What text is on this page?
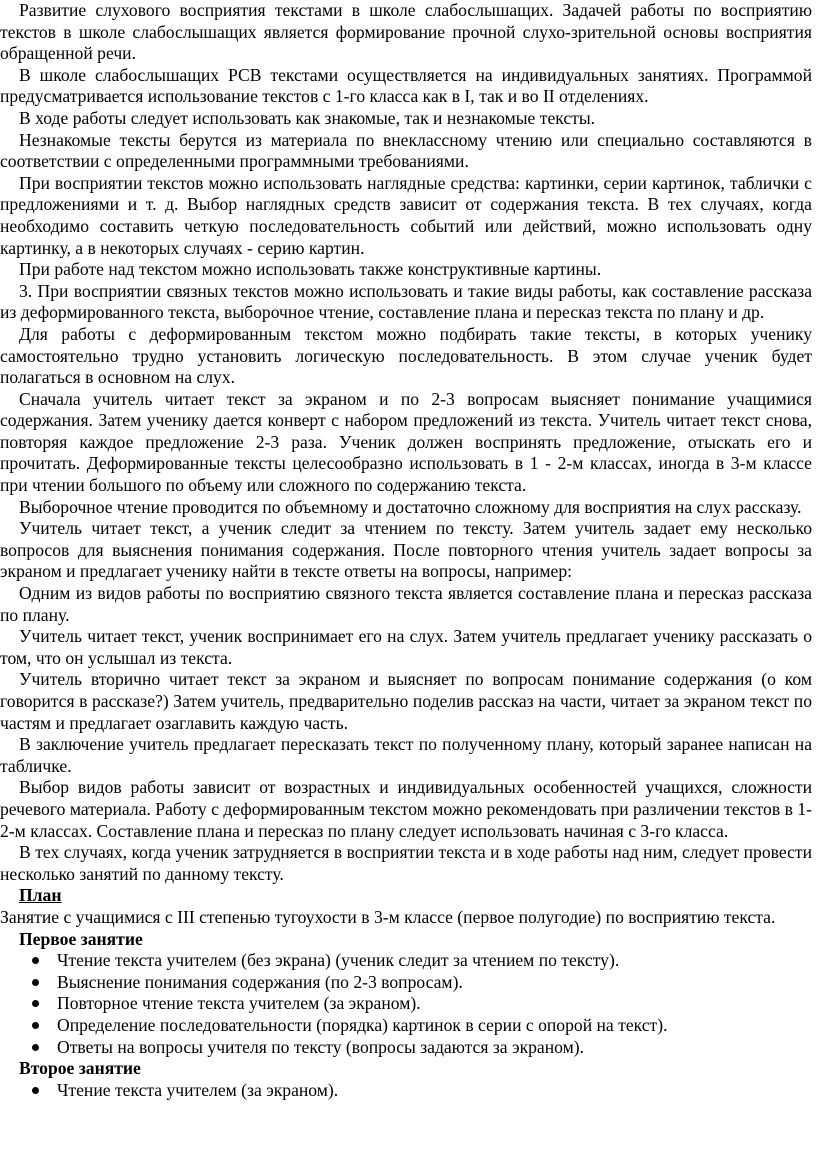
Развитие слухового восприятия текстами в школе слабослышащих. Задачей работы по восприятию текстов в школе слабослышащих является формирование прочной слухо-зрительной основы восприятия обращенной речи.

В школе слабослышащих РСВ текстами осуществляется на индивидуальных занятиях. Программой предусматривается использование текстов с 1-го класса как в I, так и во II отделениях.

В ходе работы следует использовать как знакомые, так и незнакомые тексты.

Незнакомые тексты берутся из материала по внеклассному чтению или специально составляются в соответствии с определенными программными требованиями.

При восприятии текстов можно использовать наглядные средства: картинки, серии картинок, таблички с предложениями и т. д. Выбор наглядных средств зависит от содержания текста. В тех случаях, когда необходимо составить четкую последовательность событий или действий, можно использовать одну картинку, а в некоторых случаях - серию картин.

При работе над текстом можно использовать также конструктивные картины.

3. При восприятии связных текстов можно использовать и такие виды работы, как составление рассказа из деформированного текста, выборочное чтение, составление плана и пересказ текста по плану и др.

Для работы с деформированным текстом можно подбирать такие тексты, в которых ученику самостоятельно трудно установить логическую последовательность. В этом случае ученик будет полагаться в основном на слух.

Сначала учитель читает текст за экраном и по 2-3 вопросам выясняет понимание учащимися содержания. Затем ученику дается конверт с набором предложений из текста. Учитель читает текст снова, повторяя каждое предложение 2-3 раза. Ученик должен воспринять предложение, отыскать его и прочитать. Деформированные тексты целесообразно использовать в 1 - 2-м классах, иногда в 3-м классе при чтении большого по объему или сложного по содержанию текста.

Выборочное чтение проводится по объемному и достаточно сложному для восприятия на слух рассказу.

Учитель читает текст, а ученик следит за чтением по тексту. Затем учитель задает ему несколько вопросов для выяснения понимания содержания. После повторного чтения учитель задает вопросы за экраном и предлагает ученику найти в тексте ответы на вопросы, например:

Одним из видов работы по восприятию связного текста является составление плана и пересказ рассказа по плану.

Учитель читает текст, ученик воспринимает его на слух. Затем учитель предлагает ученику рассказать о том, что он услышал из текста.

Учитель вторично читает текст за экраном и выясняет по вопросам понимание содержания (о ком говорится в рассказе?) Затем учитель, предварительно поделив рассказ на части, читает за экраном текст по частям и предлагает озаглавить каждую часть.

В заключение учитель предлагает пересказать текст по полученному плану, который заранее написан на табличке.

Выбор видов работы зависит от возрастных и индивидуальных особенностей учащихся, сложности речевого материала. Работу с деформированным текстом можно рекомендовать при различении текстов в 1-2-м классах. Составление плана и пересказ по плану следует использовать начиная с 3-го класса.

В тех случаях, когда ученик затрудняется в восприятии текста и в ходе работы над ним, следует провести несколько занятий по данному тексту.

План

Занятие с учащимися с III степенью тугоухости в 3-м классе (первое полугодие) по восприятию текста.

Первое занятие
Чтение текста учителем (без экрана) (ученик следит за чтением по тексту).
Выяснение понимания содержания (по 2-3 вопросам).
Повторное чтение текста учителем (за экраном).
Определение последовательности (порядка) картинок в серии с опорой на текст).
Ответы на вопросы учителя по тексту (вопросы задаются за экраном).
Второе занятие
Чтение текста учителем (за экраном).
